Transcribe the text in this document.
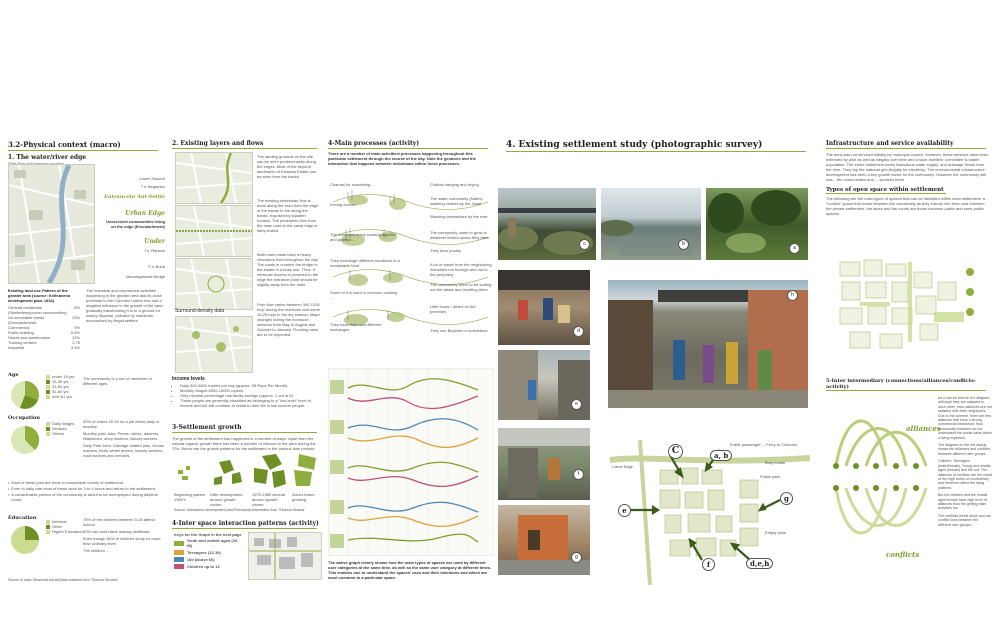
3.2-Physical context (macro)
1. The water/river edge
Lower Slavevil
T e Negambo
Entranceto Ant Settle
Urban Edge
Unserviced communities living on the edge (Encroachment)
Under
Tn, Ranche
Tr e Bund
Manningaward Bridge
Existing land use Pattern of the greater area (source: Kelinaveno development plan, UDA)
General residential (Shelterless/poorer communities)
8%
Un-servicable sheds (Encroachment)
23%
Commercial	3%
Public building	0.5%
Stores and warehouses	12%
Training centers	2.75
Industrial	3.3%
The industrial and commercial activities happening in the greater area and its close proximity to the Colombo harbor has had a negative influence in the growth of the area gradually transforming it in to a ground for washy disposal, polluted by industries, encroached by illegal settlers.
Age	under 15 yrs
15-30 yrs
31-50 yrs
51-60 yrs
over 61 yrs
The community is a mix of members of different ages
Occupation
Daily Wages
Vendors
Others
30% of voters 20-40 do a job either daily or monthly.
Monthly paid Jobs: Peons, clerks, laborers, Watchmen, shop workers, factory workers
Daily Paid Jobs: Garbage related jobs, House workers, three wheel drivers, factory workers, road workers and vendors
• Most of these jobs are done in reasonable vicinity of settlement.
• Even in daily rate most of these work for 3 to 4 hours and return to the settlement.
• A considerable portion of the community is about to be unemployed during daytime hours.
Education
Informal
Other
Higher Education
78% of the children between 5-18 attend school.
80% can hold basic leaving certificate
Even though 60% of children study no more than ordinary level
The children ...
Source of data: Observed survey/Data obtained from "Ekenna Sevana"
2. Existing layers and flows
Surround-density data
The landing grounds on the site can be seen predominantly along the edges. Most of the beyond landmarks of Kemana Estate can be seen from the tracks.
The existing pedestrian flow is done along the road from the edge of the estate to the along the banks, exposed by squatter houses. The pedestrian flow from the main road to the canal edge is fairly limited.
Both main roads have a heavy circulation flow throughout the day. The roads in connect the bridge to the estate in a busy one. Thus, if vehicular access is provided to the edge the entrance point should be slightly away from the main.
Prior flow varies between 300-1200 m/yr during the monsoon and some 15-25 m/yr in the dry season. Major changes during the monsoon seasons from May to August and October to January. Flooding rains are to be expected.
Income levels
• Daily 300-3500 rupees per day (approx. 55 Rups Per Month)
• Monthly Wages 6000-15000 rupees
• Only minimal percentage has family savings (approx. 1 out of 6)
• These people are generally classified as belonging to a "low-level" level of income and but still continue to relate to their life in low income people.
3-Settlement growth
The growth of the settlement has happened in a number of ways. Apart from the natural organic growth there has been a number of influxes to the area during the 70's. Below are the growth patterns for the settlement in the various time periods.
Beginning pattern 1960's
Little development around growth circles
1970-1980 several around growth circles
Area's future growing
Source: Kelinaveno development plan/Field study/Information from "Ekenna Sevana"
4-Inter space interaction patterns (activity)
Keys for the Graph in the next page
Youth and middle aged (20-60)
Teenagers (13-19)
Old (above 60)
Children up to 12
4-Main processes (activity)
There are a number of main activities/ processes happening throughout this particular settlement through the course of the day. Note the gestures and the interaction that happens between individuals within these processes.
Channel for something ...
Ironing clothes
The incidence many cooking together and gossips ...
They exchange different conditions to a remarkable food
Some of it is used in common cooking ...
They have their own different exchanges
Clothes hanging and drying
The water community (Males) washing clothes by the canal
Washing themselves by the river
The community came to grow in whatever limited space they have
They bear poultry
A lot of waste from the neighboring industries run through and out to the periphery
The community seem to be sorting out the waste and reselling them
Little foods / drinks on the premises
They use Bicycles or motorbikes
The above graph clearly shows how the main types of spaces are used by different user categories at the same time, as well as the same user category at different times. This enables one to understand the spaces' uses and their intentions and which are most common to a particular space.
4. Existing settlement study (photographic survey)
c	b
a
d
h
e
f
g
C	a, b
g
f	d,e,h
e
Canal Edge
Public passenger ... Ferry to Colombo
Busy roads
Public path
Empty plots
Infrastructure and service availability
The area was not serviced initially by municipal council. However, these services have been extended by pilot as well as illegally over time and a slum dwellers' committee is stable population. The entire settlement faces hazardous water supply, and drainage floods from the river. They tap the national grid illegally for electricity. The environmental infrastructure development has been a key growth factor for the community. However the community still has... the communities and ... services there.
Types of open space within settlement
The following are the main types of spaces that can be identified within each settlement: a "conflict" space that exists between the community as they intrude into them and between the private settlement, the lanes and the courts are those common public and semi-public spaces.
5-Inter intermediary (connections/alliances/conflicts-activity)
alliances
conflicts
As it can be seen in the diagram, although they are adjacent to each other, main alliances are not satisfied with their neighbours. Due to the scheme, there are few alliances that have a strong commercial interaction; thus community members do not understand the social value within a living organism.
The diagram on the left clearly shows the alliances and conflicts between different user groups.
Children, Teenagers (male/female), Young and middle-aged (female) and the old. The alliances of conflicts are the result of the high levels of connectivity and therefore affect the living patterns.
But the children and the middle aged female have high level of alliances thus the getting main activities too.
The conflicts levels show and are conflict lines between the different user groups...
